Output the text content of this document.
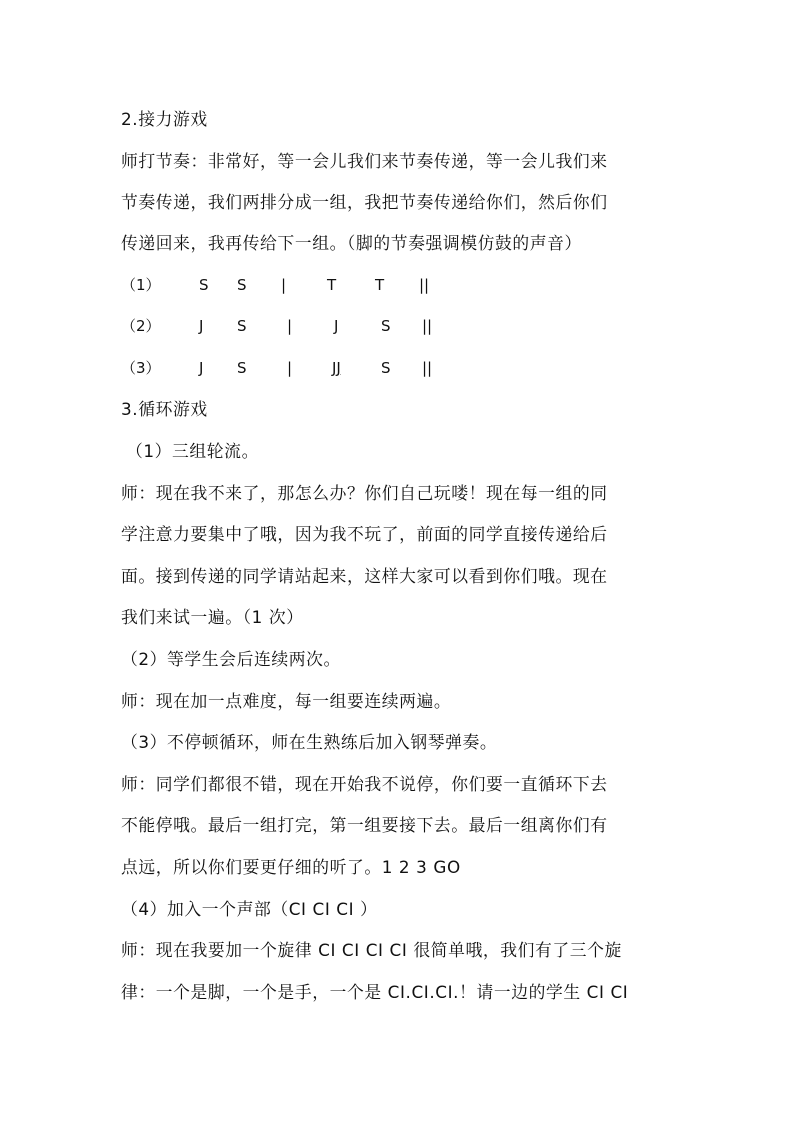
2.接力游戏
师打节奏：非常好，等一会儿我们来节奏传递，等一会儿我们来
节奏传递，我们两排分成一组，我把节奏传递给你们，然后你们
传递回来，我再传给下一组。（脚的节奏强调模仿鼓的声音）
（1）	S S |	T	T ||
（2）	J S	|	J	S ||
（3）	J S	|	JJ	S ||
3.循环游戏
（1）三组轮流。
师：现在我不来了，那怎么办？你们自己玩喽！现在每一组的同
学注意力要集中了哦，因为我不玩了，前面的同学直接传递给后
面。接到传递的同学请站起来，这样大家可以看到你们哦。现在
我们来试一遍。（1 次）
（2）等学生会后连续两次。
师：现在加一点难度，每一组要连续两遍。
（3）不停顿循环，师在生熟练后加入钢琴弹奏。
师：同学们都很不错，现在开始我不说停，你们要一直循环下去
不能停哦。最后一组打完，第一组要接下去。最后一组离你们有
点远，所以你们要更仔细的听了。1 2 3 GO
（4）加入一个声部（CI CI CI ）
师：现在我要加一个旋律 CI CI CI CI 很简单哦，我们有了三个旋
律：一个是脚，一个是手，一个是 CI.CI.CI.！请一边的学生 CI CI
